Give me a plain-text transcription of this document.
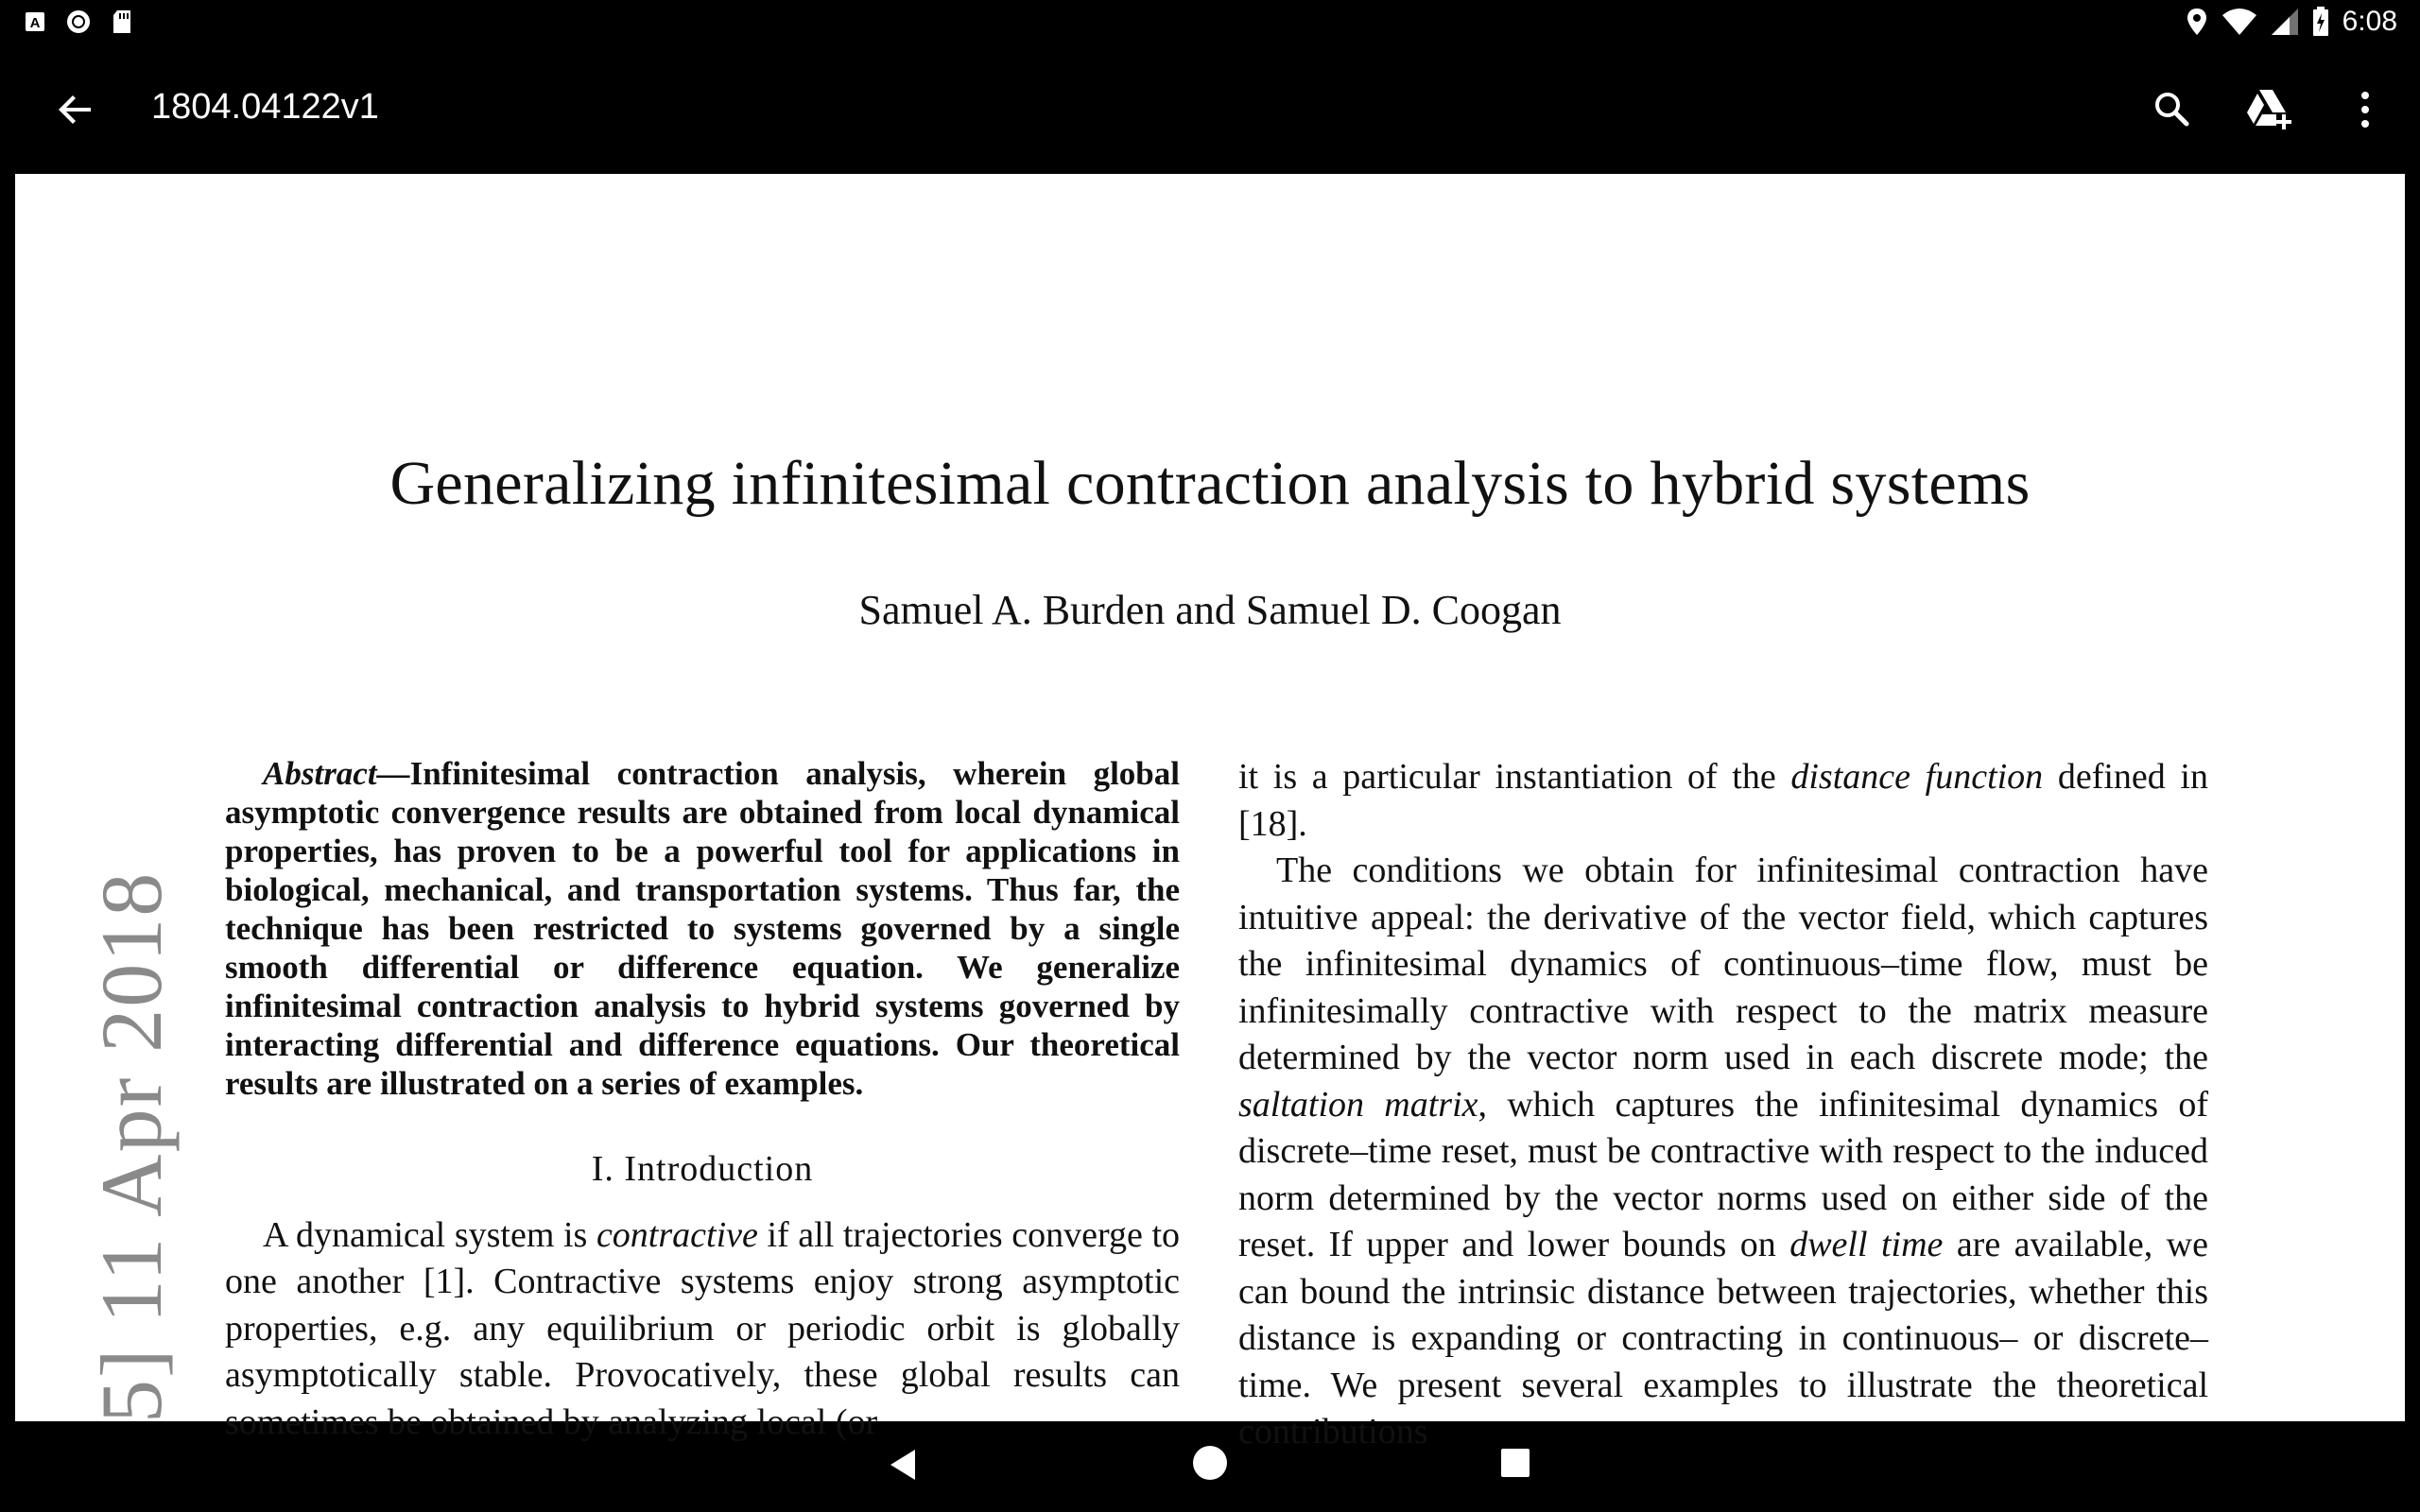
A	6:08
1804.04122v1
5] 11 Apr 2018
Generalizing infinitesimal contraction analysis to hybrid systems
Samuel A. Burden and Samuel D. Coogan

Abstract—Infinitesimal contraction analysis, wherein global asymptotic convergence results are obtained from local dynamical properties, has proven to be a powerful tool for applications in biological, mechanical, and transportation systems. Thus far, the technique has been restricted to systems governed by a single smooth differential or difference equation. We generalize infinitesimal contraction analysis to hybrid systems governed by interacting differential and difference equations. Our theoretical results are illustrated on a series of examples.

I. Introduction

A dynamical system is contractive if all trajectories converge to one another [1]. Contractive systems enjoy strong asymptotic properties, e.g. any equilibrium or periodic orbit is globally asymptotically stable. Provocatively, these global results can sometimes be obtained by analyzing local (or

it is a particular instantiation of the distance function defined in [18].

The conditions we obtain for infinitesimal contraction have intuitive appeal: the derivative of the vector field, which captures the infinitesimal dynamics of continuous–time flow, must be infinitesimally contractive with respect to the matrix measure determined by the vector norm used in each discrete mode; the saltation matrix, which captures the infinitesimal dynamics of discrete–time reset, must be contractive with respect to the induced norm determined by the vector norms used on either side of the reset. If upper and lower bounds on dwell time are available, we can bound the intrinsic distance between trajectories, whether this distance is expanding or contracting in continuous– or discrete– time. We present several examples to illustrate the theoretical contributions
